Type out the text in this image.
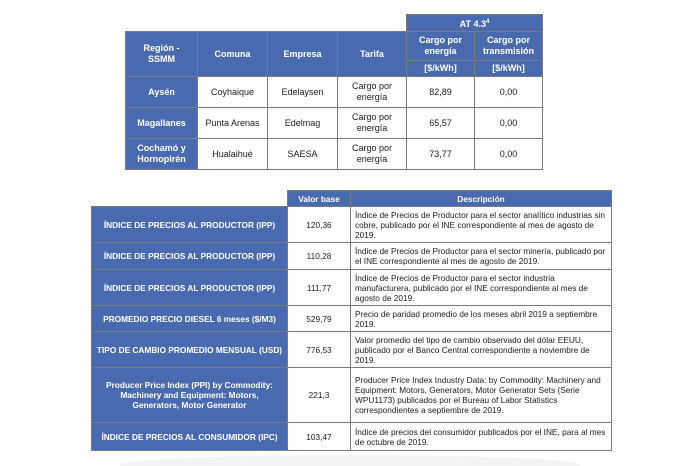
				AT $4.3^4$
Región - SSMM	Comuna	Empresa	Tarifa	Cargo por energía	Cargo por transmisión
				[$/kWh]	[$/kWh]
Aysén	Coyhaique	Edelaysen	Cargo por energía	82,89	0,00
Magallanes	Punta Arenas	Edelmag	Cargo por energía	65,57	0,00
Cochamó y Hornopirén	Hualaihué	SAESA	Cargo por energía	73,77	0,00
	Valor base	Descripción
ÍNDICE DE PRECIOS AL PRODUCTOR (IPP)	120,36	Índice de Precios de Productor para el sector analítico industrias sin cobre, publicado por el INE correspondiente al mes de agosto de 2019.
ÍNDICE DE PRECIOS AL PRODUCTOR (IPP)	110,28	Índice de Precios de Productor para el sector minería, publicado por el INE correspondiente al mes de agosto de 2019.
ÍNDICE DE PRECIOS AL PRODUCTOR (IPP)	111,77	Índice de Precios de Productor para el sector industria manufacturera, publicado por el INE correspondiente al mes de agosto de 2019.
PROMEDIO PRECIO DIESEL 6 meses ($/M3)	529,79	Precio de paridad promedio de los meses abril 2019 a septiembre 2019.
TIPO DE CAMBIO PROMEDIO MENSUAL (USD)	776,53	Valor promedio del tipo de cambio observado del dólar EEUU, publicado por el Banco Central correspondiente a noviembre de 2019.
Producer Price Index (PPI) by Commodity: Machinery and Equipment: Motors, Generators, Motor Generator	221,3	Producer Price Index Industry Data: by Commodity: Machinery and Equipment: Motors, Generators, Motor Generator Sets (Serie WPU1173) publicados por el Bureau of Labor Statistics correspondientes a septiembre de 2019.
ÍNDICE DE PRECIOS AL CONSUMIDOR (IPC)	103,47	Índice de precios del consumidor publicados por el INE, para al mes de octubre de 2019.
